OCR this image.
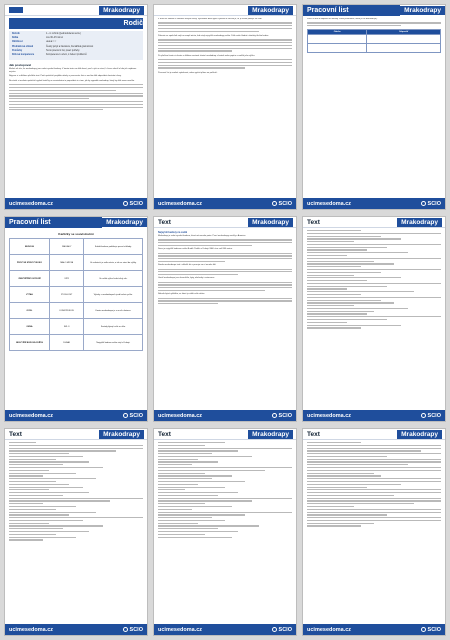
Mrakodrapy
Rodič
Ročník	1.–4. ročník (zjednodušená verze)
Délka	cca 30–45 minut
Obtížnost	★★★☆☆
Předmětové oblasti	Český jazyk a literatura, čtenářská gramotnost
Pomůcky	Tento pracovní list, psací potřeby
Klíčové kompetence	Kompetence k učení, k řešení problémů
Jak postupovat

Možná už víte, že mrakodrapy jsou velmi vysoké budovy. V tomto textu se dítě dozví, proč a jak se staví, k čemu slouží a kde jich najdeme nejvíce.

Nejprve si s dítětem přečtěte text. Poté společně projděte otázky v pracovním listu a nechte dítě odpovídat vlastními slovy.

Na závěr si můžete společně vyplnit kartičky se souvislostmi a popovídat si o tom, jak by vypadal mrakodrap, který by dítě samo navrhlo.

ucimesedoma.cz	SCIO
Mrakodrapy

V textu se setkáte s několika novými slovy. Vysvětlete dítěti jejich význam a nechte je, ať je samo použije ve větě.

Pokuste se společně najít na mapě místa, kde stojí nejvyšší mrakodrapy světa. Dítě může hledat i obrázky těchto budov.

Po přečtení textu si zkuste s dítětem sestavit vlastní mrakodrap z kostek nebo papíru a změřit jeho výšku.

Pracovní list je možné vytisknout, nebo vyplnit přímo na počítači.

ucimesedoma.cz	SCIO
Pracovní list	Mrakodrapy

Přečti si text a odpověz na otázky. Použij informace, které jsi se dozvěděl(a).

Otázka	Odpověď

ucimesedoma.cz	SCIO
Pracovní list	Mrakodrapy
Kartičky se souvislostmi
BUDOVA	ZÁKLADY	Každá budova potřebuje pevné základy.
PROČ SE STAVÍ VYSOKO	MÁLO MÍSTA	Ve městech je málo místa, a tak se staví do výšky.
ZNEČIŠTĚNÍ OVZDUŠÍ	VÍTR	Ve velké výšce fouká silný vítr.
VÝTAH	RYCHLOST	Výtahy v mrakodrapech jezdí velmi rychle.
OCEL	KONSTRUKCE	Kostra mrakodrapu je z oceli a betonu.
OKNA	SKLO	Fasády bývají celé ze skla.
NEJVYŠŠÍ BUDOVA SVĚTA	DUBAJ	Nejvyšší budova světa stojí v Dubaji.
ucimesedoma.cz	SCIO
Text	Mrakodrapy
Nejvyšší budovy na světě

Mrakodrap je velmi vysoká budova, která má mnoho pater. První mrakodrapy vznikly v Americe.

Dnes je nejvyšší budovou světa Burdž Chalífa v Dubaji. Měří více než 800 metrů.

Stavba mrakodrapu trvá i několik let a pracuje na ní mnoho lidí.

Uvnitř mrakodrapů jsou kanceláře, byty, obchody i restaurace.

Nahoře bývá vyhlídka, ze které je vidět celé město.

ucimesedoma.cz	SCIO
Text	Mrakodrapy
ucimesedoma.cz	SCIO
Text	Mrakodrapy
ucimesedoma.cz	SCIO
Text	Mrakodrapy
ucimesedoma.cz	SCIO
Text	Mrakodrapy
ucimesedoma.cz	SCIO
